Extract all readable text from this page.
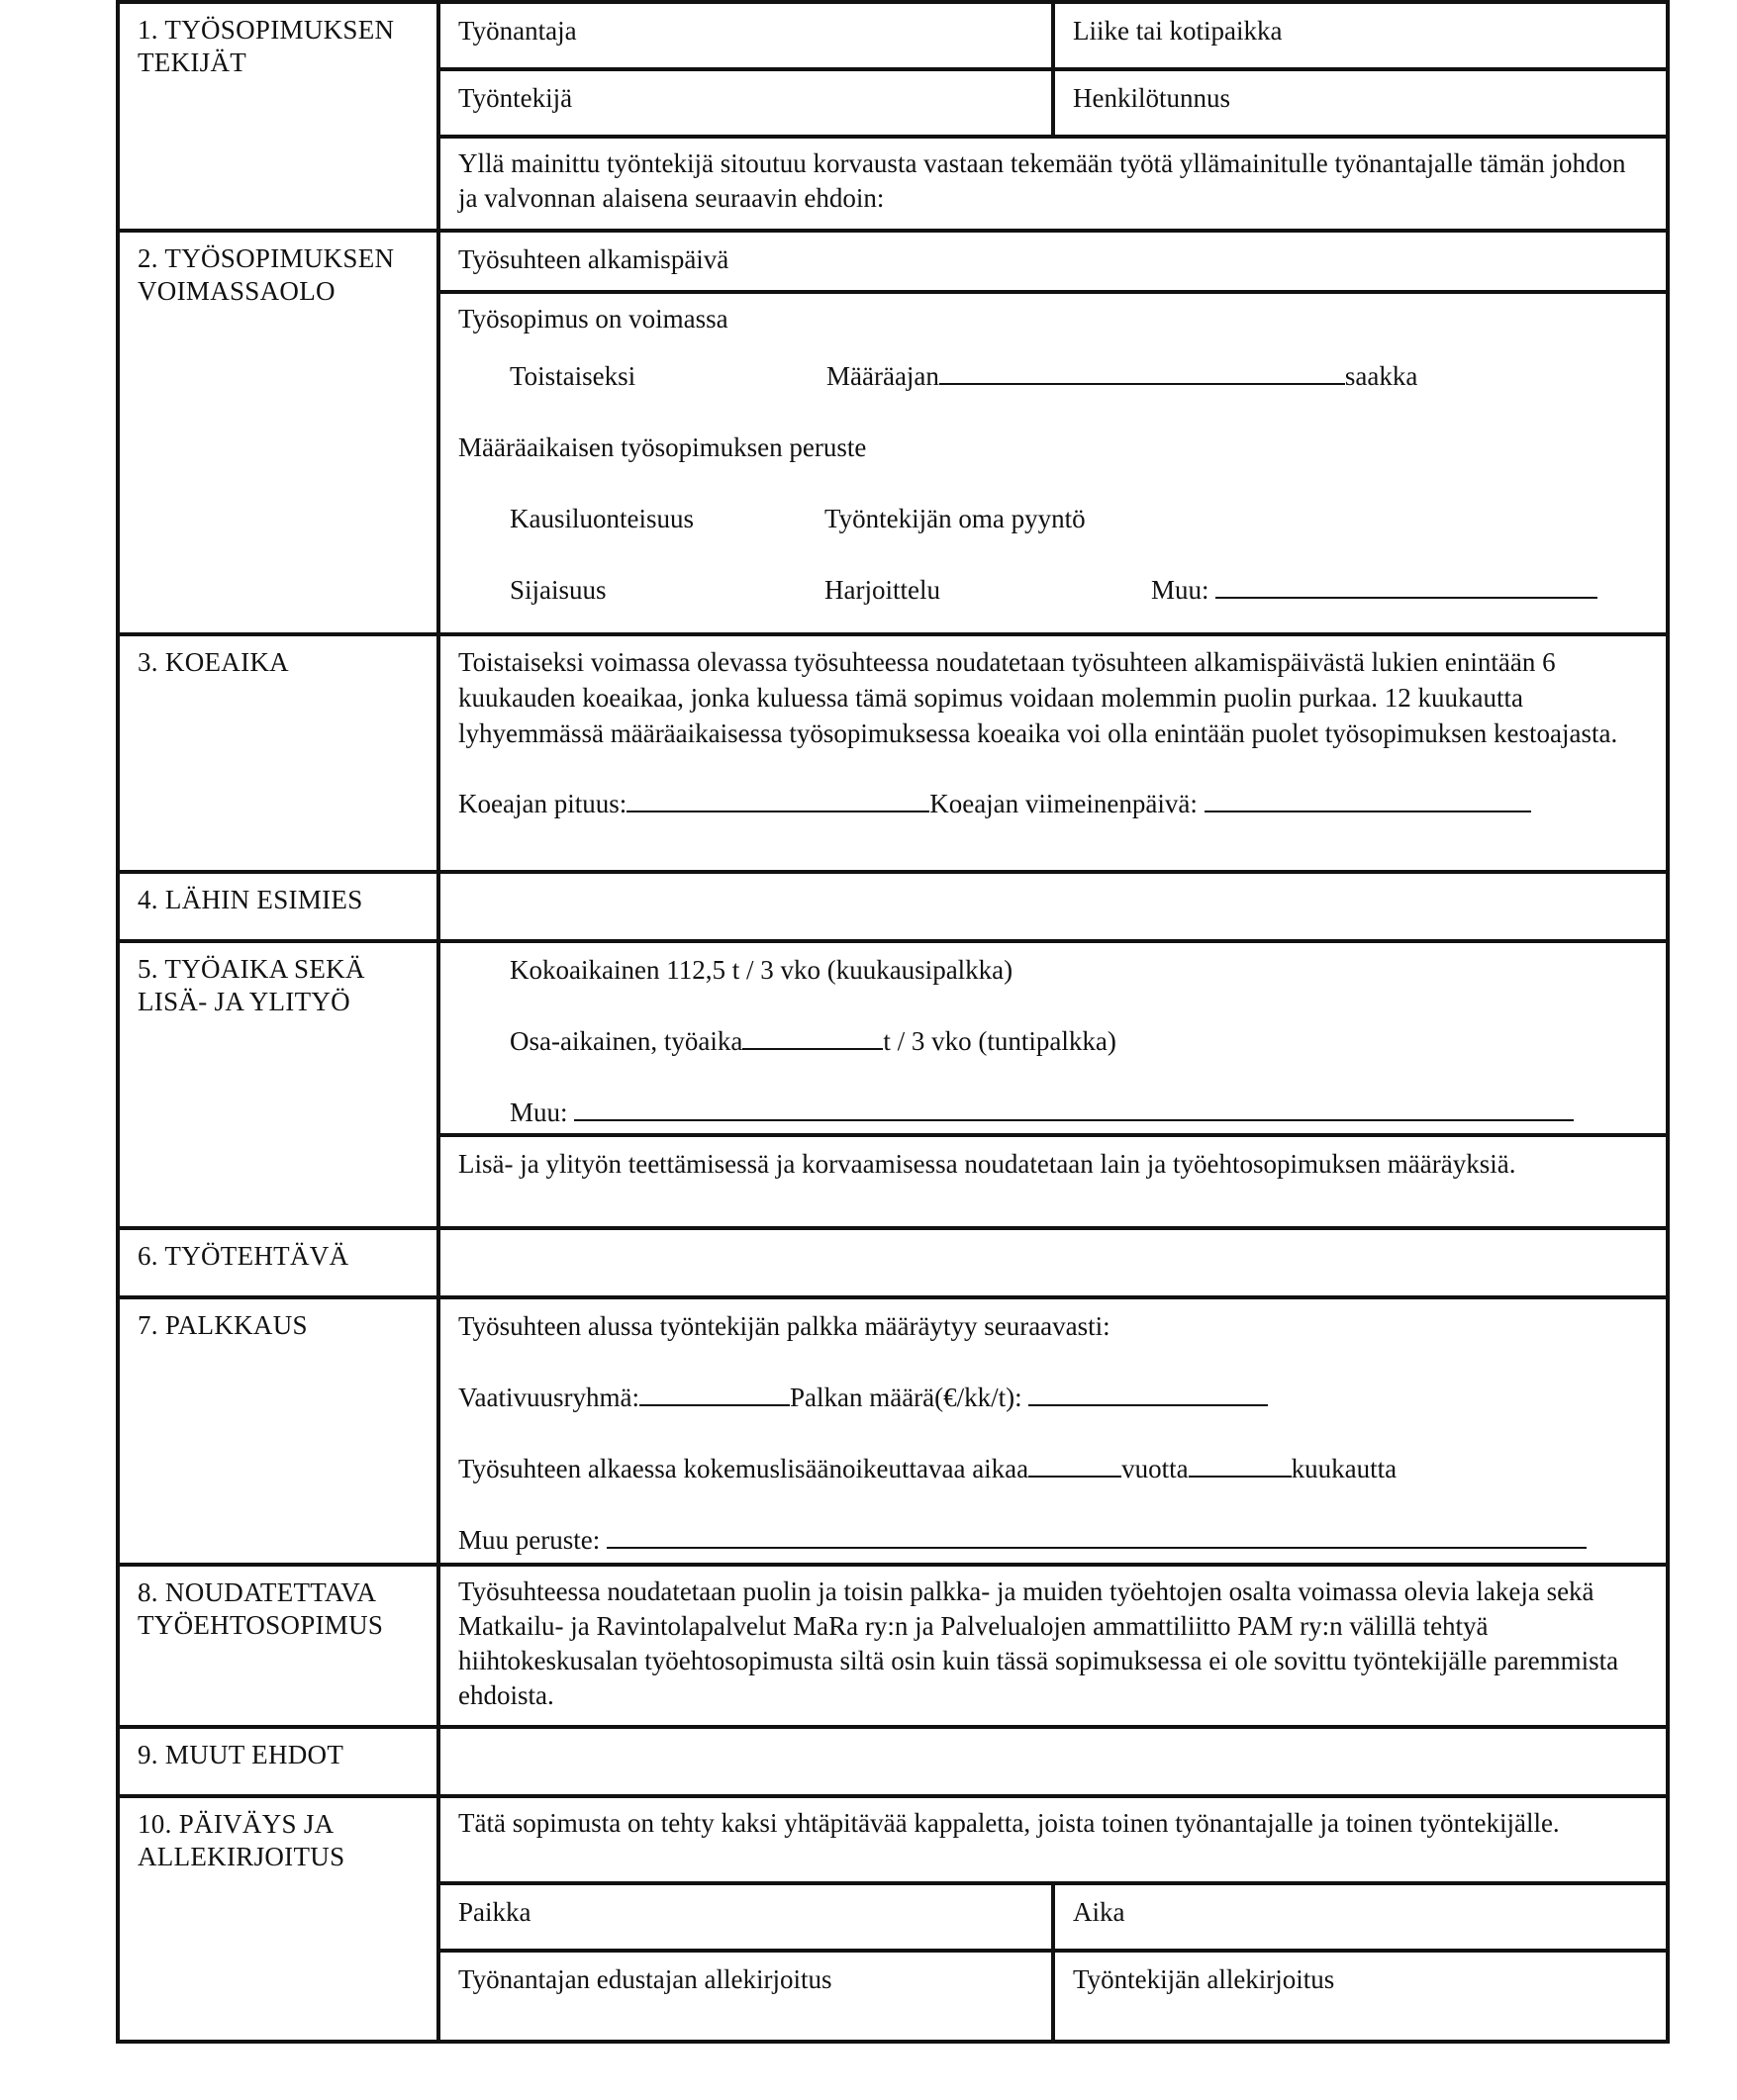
1. TYÖSOPIMUKSEN TEKIJÄT
Työnantaja	Liike tai kotipaikka
Työntekijä	Henkilötunnus

Yllä mainittu työntekijä sitoutuu korvausta vastaan tekemään työtä yllämainitulle työnantajalle tämän johdon ja valvonnan alaisena seuraavin ehdoin:

2. TYÖSOPIMUKSEN VOIMASSAOLO
Työsuhteen alkamispäivä
Työsopimus on voimassa
Toistaiseksi	Määräajan	saakka
Määräaikaisen työsopimuksen peruste
Kausiluonteisuus	Työntekijän oma pyyntö
Sijaisuus	Harjoittelu	Muu:
3. KOEAIKA	Toistaiseksi voimassa olevassa työsuhteessa noudatetaan työsuhteen alkamispäivästä lukien enintään 6 kuukauden koeaikaa, jonka kuluessa tämä sopimus voidaan molemmin puolin purkaa. 12 kuukautta lyhyemmässä määräaikaisessa työsopimuksessa koeaika voi olla enintään puolet työsopimuksen kestoajasta.

Koeajan pituus:	Koeajan viimeinenpäivä:
4. LÄHIN ESIMIES
5. TYÖAIKA SEKÄ LISÄ- JA YLITYÖ
Kokoaikainen 112,5 t / 3 vko (kuukausipalkka)
Osa-aikainen, työaika	t / 3 vko (tuntipalkka)
Muu:

Lisä- ja ylityön teettämisessä ja korvaamisessa noudatetaan lain ja työehtosopimuksen määräyksiä.

6. TYÖTEHTÄVÄ
7. PALKKAUS	Työsuhteen alussa työntekijän palkka määräytyy seuraavasti:
Vaativuusryhmä:	Palkan määrä(€/kk/t):
Työsuhteen alkaessa kokemuslisäänoikeuttavaa aikaa	vuotta	kuukautta
Muu peruste:
8. NOUDATETTAVA TYÖEHTOSOPIMUS

Työsuhteessa noudatetaan puolin ja toisin palkka- ja muiden työehtojen osalta voimassa olevia lakeja sekä Matkailu- ja Ravintolapalvelut MaRa ry:n ja Palvelualojen ammattiliitto PAM ry:n välillä tehtyä hiihtokeskusalan työehtosopimusta siltä osin kuin tässä sopimuksessa ei ole sovittu työntekijälle paremmista ehdoista.

9. MUUT EHDOT
10. PÄIVÄYS JA ALLEKIRJOITUS

Tätä sopimusta on tehty kaksi yhtäpitävää kappaletta, joista toinen työnantajalle ja toinen työntekijälle.

Paikka	Aika
Työnantajan edustajan allekirjoitus	Työntekijän allekirjoitus
